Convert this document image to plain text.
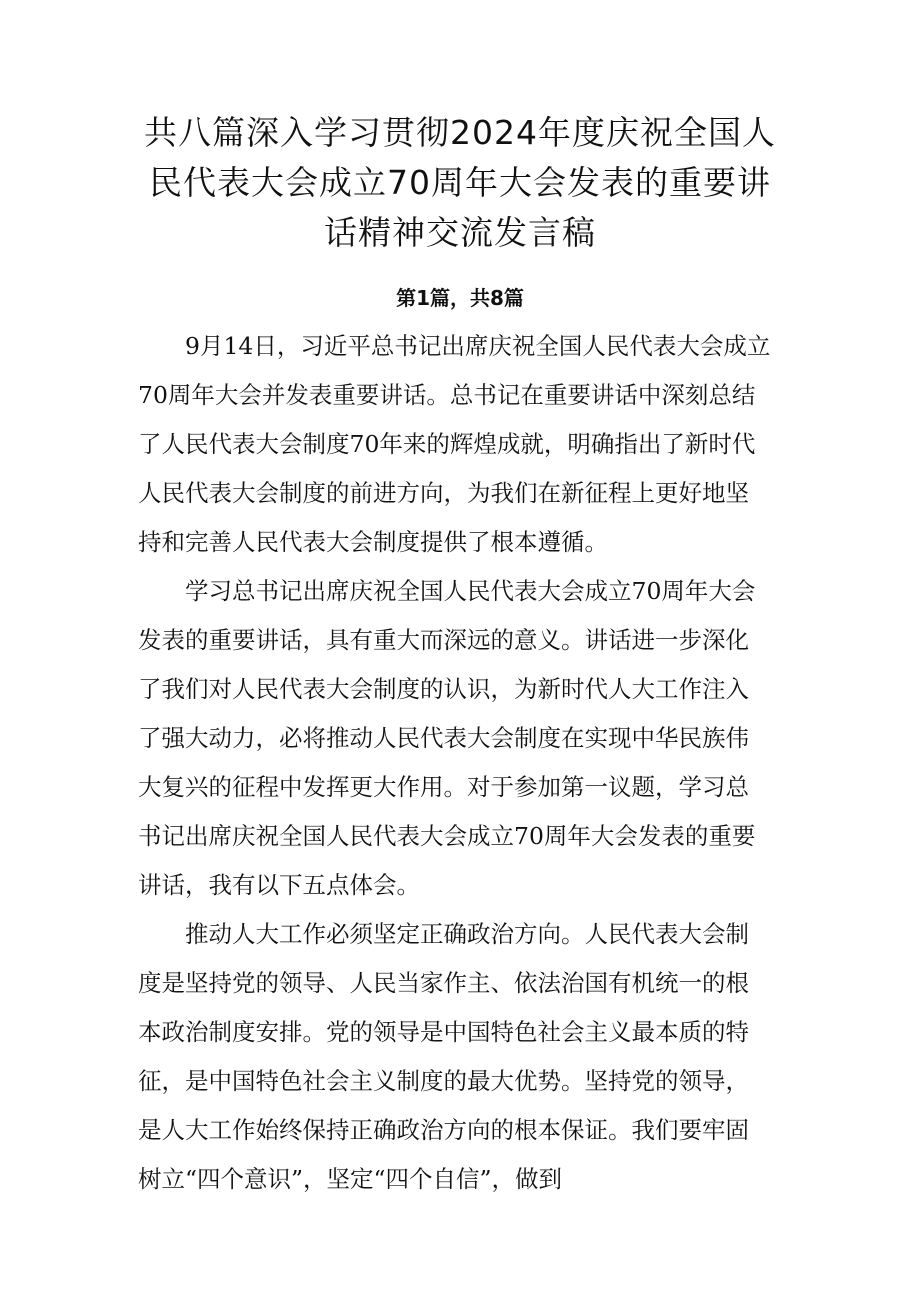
共八篇深入学习贯彻2024年度庆祝全国人
民代表大会成立70周年大会发表的重要讲
话精神交流发言稿
第1篇，共8篇
9月14日，习近平总书记出席庆祝全国人民代表大会成立
70周年大会并发表重要讲话。总书记在重要讲话中深刻总结
了人民代表大会制度70年来的辉煌成就，明确指出了新时代
人民代表大会制度的前进方向，为我们在新征程上更好地坚
持和完善人民代表大会制度提供了根本遵循。
学习总书记出席庆祝全国人民代表大会成立70周年大会
发表的重要讲话，具有重大而深远的意义。讲话进一步深化
了我们对人民代表大会制度的认识，为新时代人大工作注入
了强大动力，必将推动人民代表大会制度在实现中华民族伟
大复兴的征程中发挥更大作用。对于参加第一议题，学习总
书记出席庆祝全国人民代表大会成立70周年大会发表的重要
讲话，我有以下五点体会。
推动人大工作必须坚定正确政治方向。人民代表大会制
度是坚持党的领导、人民当家作主、依法治国有机统一的根
本政治制度安排。党的领导是中国特色社会主义最本质的特
征，是中国特色社会主义制度的最大优势。坚持党的领导，
是人大工作始终保持正确政治方向的根本保证。我们要牢固
树立“四个意识”，坚定“四个自信”，做到
